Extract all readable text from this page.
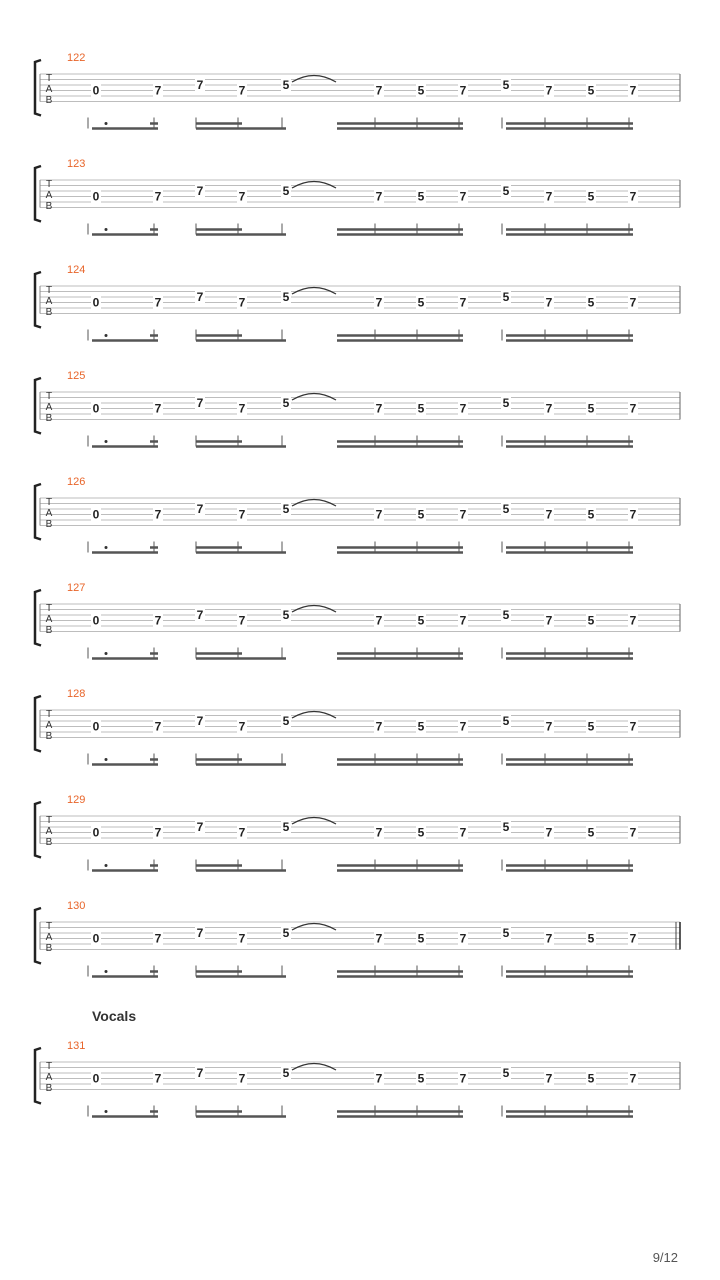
T
A
B
122
0	7	7	7	5	7	5	7	5	7	5	7
T
A
B
123
0	7	7	7	5	7	5	7	5	7	5	7
T
A
B
124
0	7	7	7	5	7	5	7	5	7	5	7
T
A
B
125
0	7	7	7	5	7	5	7	5	7	5	7
T
A
B
126
0	7	7	7	5	7	5	7	5	7	5	7
T
A
B
127
0	7	7	7	5	7	5	7	5	7	5	7
T
A
B
128
0	7	7	7	5	7	5	7	5	7	5	7
T
A
B
129
0	7	7	7	5	7	5	7	5	7	5	7
T
A
B
130
0	7	7	7	5	7	5	7	5	7	5	7
T
A
B
131
0	7	7	7	5	7	5	7	5	7	5	7
Vocals
9/12
